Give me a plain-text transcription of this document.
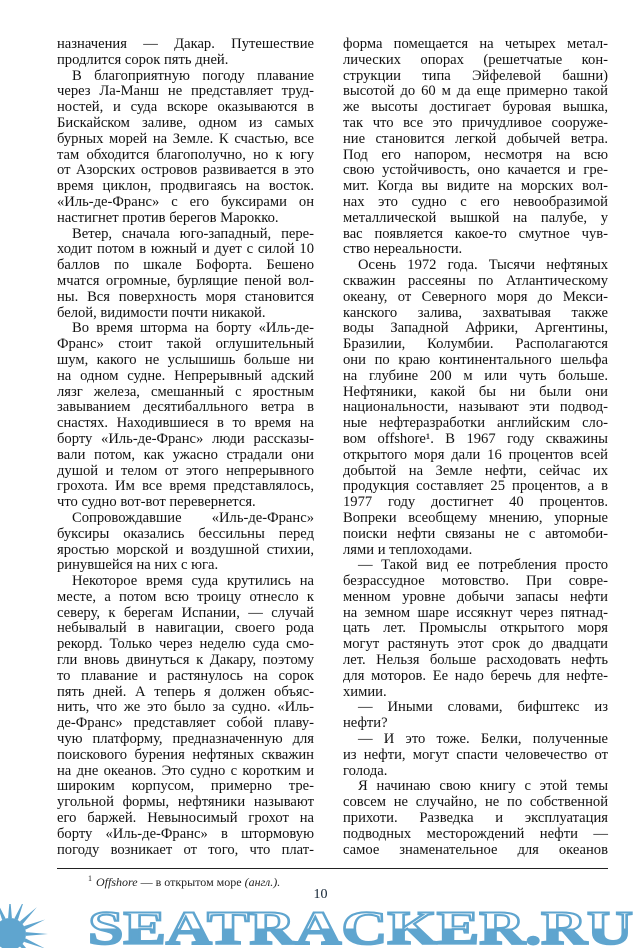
назначения — Дакар. Путешествие
продлится сорок пять дней.
В благоприятную погоду плавание
через Ла-Манш не представляет труд-
ностей, и суда вскоре оказываются в
Бискайском заливе, одном из самых
бурных морей на Земле. К счастью, все
там обходится благополучно, но к югу
от Азорских островов развивается в это
время циклон, продвигаясь на восток.
«Иль-де-Франс» с его буксирами он
настигнет против берегов Марокко.
Ветер, сначала юго-западный, пере-
ходит потом в южный и дует с силой 10
баллов по шкале Бофорта. Бешено
мчатся огромные, бурлящие пеной вол-
ны. Вся поверхность моря становится
белой, видимости почти никакой.
Во время шторма на борту «Иль-де-
Франс» стоит такой оглушительный
шум, какого не услышишь больше ни
на одном судне. Непрерывный адский
лязг железа, смешанный с яростным
завыванием десятибалльного ветра в
снастях. Находившиеся в то время на
борту «Иль-де-Франс» люди рассказы-
вали потом, как ужасно страдали они
душой и телом от этого непрерывного
грохота. Им все время представлялось,
что судно вот-вот перевернется.
Сопровождавшие «Иль-де-Франс»
буксиры оказались бессильны перед
яростью морской и воздушной стихии,
ринувшейся на них с юга.
Некоторое время суда крутились на
месте, а потом всю троицу отнесло к
северу, к берегам Испании, — случай
небывалый в навигации, своего рода
рекорд. Только через неделю суда смо-
гли вновь двинуться к Дакару, поэтому
то плавание и растянулось на сорок
пять дней. А теперь я должен объяс-
нить, что же это было за судно. «Иль-
де-Франс» представляет собой плаву-
чую платформу, предназначенную для
поискового бурения нефтяных скважин
на дне океанов. Это судно с коротким и
широким корпусом, примерно тре-
угольной формы, нефтяники называют
его баржей. Невыносимый грохот на
борту «Иль-де-Франс» в штормовую
погоду возникает от того, что плат-
форма помещается на четырех метал-
лических опорах (решетчатые кон-
струкции типа Эйфелевой башни)
высотой до 60 м да еще примерно такой
же высоты достигает буровая вышка,
так что все это причудливое сооруже-
ние становится легкой добычей ветра.
Под его напором, несмотря на всю
свою устойчивость, оно качается и гре-
мит. Когда вы видите на морских вол-
нах это судно с его невообразимой
металлической вышкой на палубе, у
вас появляется какое-то смутное чув-
ство нереальности.
Осень 1972 года. Тысячи нефтяных
скважин рассеяны по Атлантическому
океану, от Северного моря до Мекси-
канского залива, захватывая также
воды Западной Африки, Аргентины,
Бразилии, Колумбии. Располагаются
они по краю континентального шельфа
на глубине 200 м или чуть больше.
Нефтяники, какой бы ни были они
национальности, называют эти подвод-
ные нефтеразработки английским сло-
вом offshore¹. В 1967 году скважины
открытого моря дали 16 процентов всей
добытой на Земле нефти, сейчас их
продукция составляет 25 процентов, а в
1977 году достигнет 40 процентов.
Вопреки всеобщему мнению, упорные
поиски нефти связаны не с автомоби-
лями и теплоходами.
— Такой вид ее потребления просто
безрассудное мотовство. При совре-
менном уровне добычи запасы нефти
на земном шаре иссякнут через пятнад-
цать лет. Промыслы открытого моря
могут растянуть этот срок до двадцати
лет. Нельзя больше расходовать нефть
для моторов. Ее надо беречь для нефте-
химии.
— Иными словами, бифштекс из
нефти?
— И это тоже. Белки, полученные
из нефти, могут спасти человечество от
голода.
Я начинаю свою книгу с этой темы
совсем не случайно, не по собственной
прихоти. Разведка и эксплуатация
подводных месторождений нефти —
самое знаменательное для океанов
$^1$ Offshore — в открытом море (англ.).
10
SEATRACKER.RU
